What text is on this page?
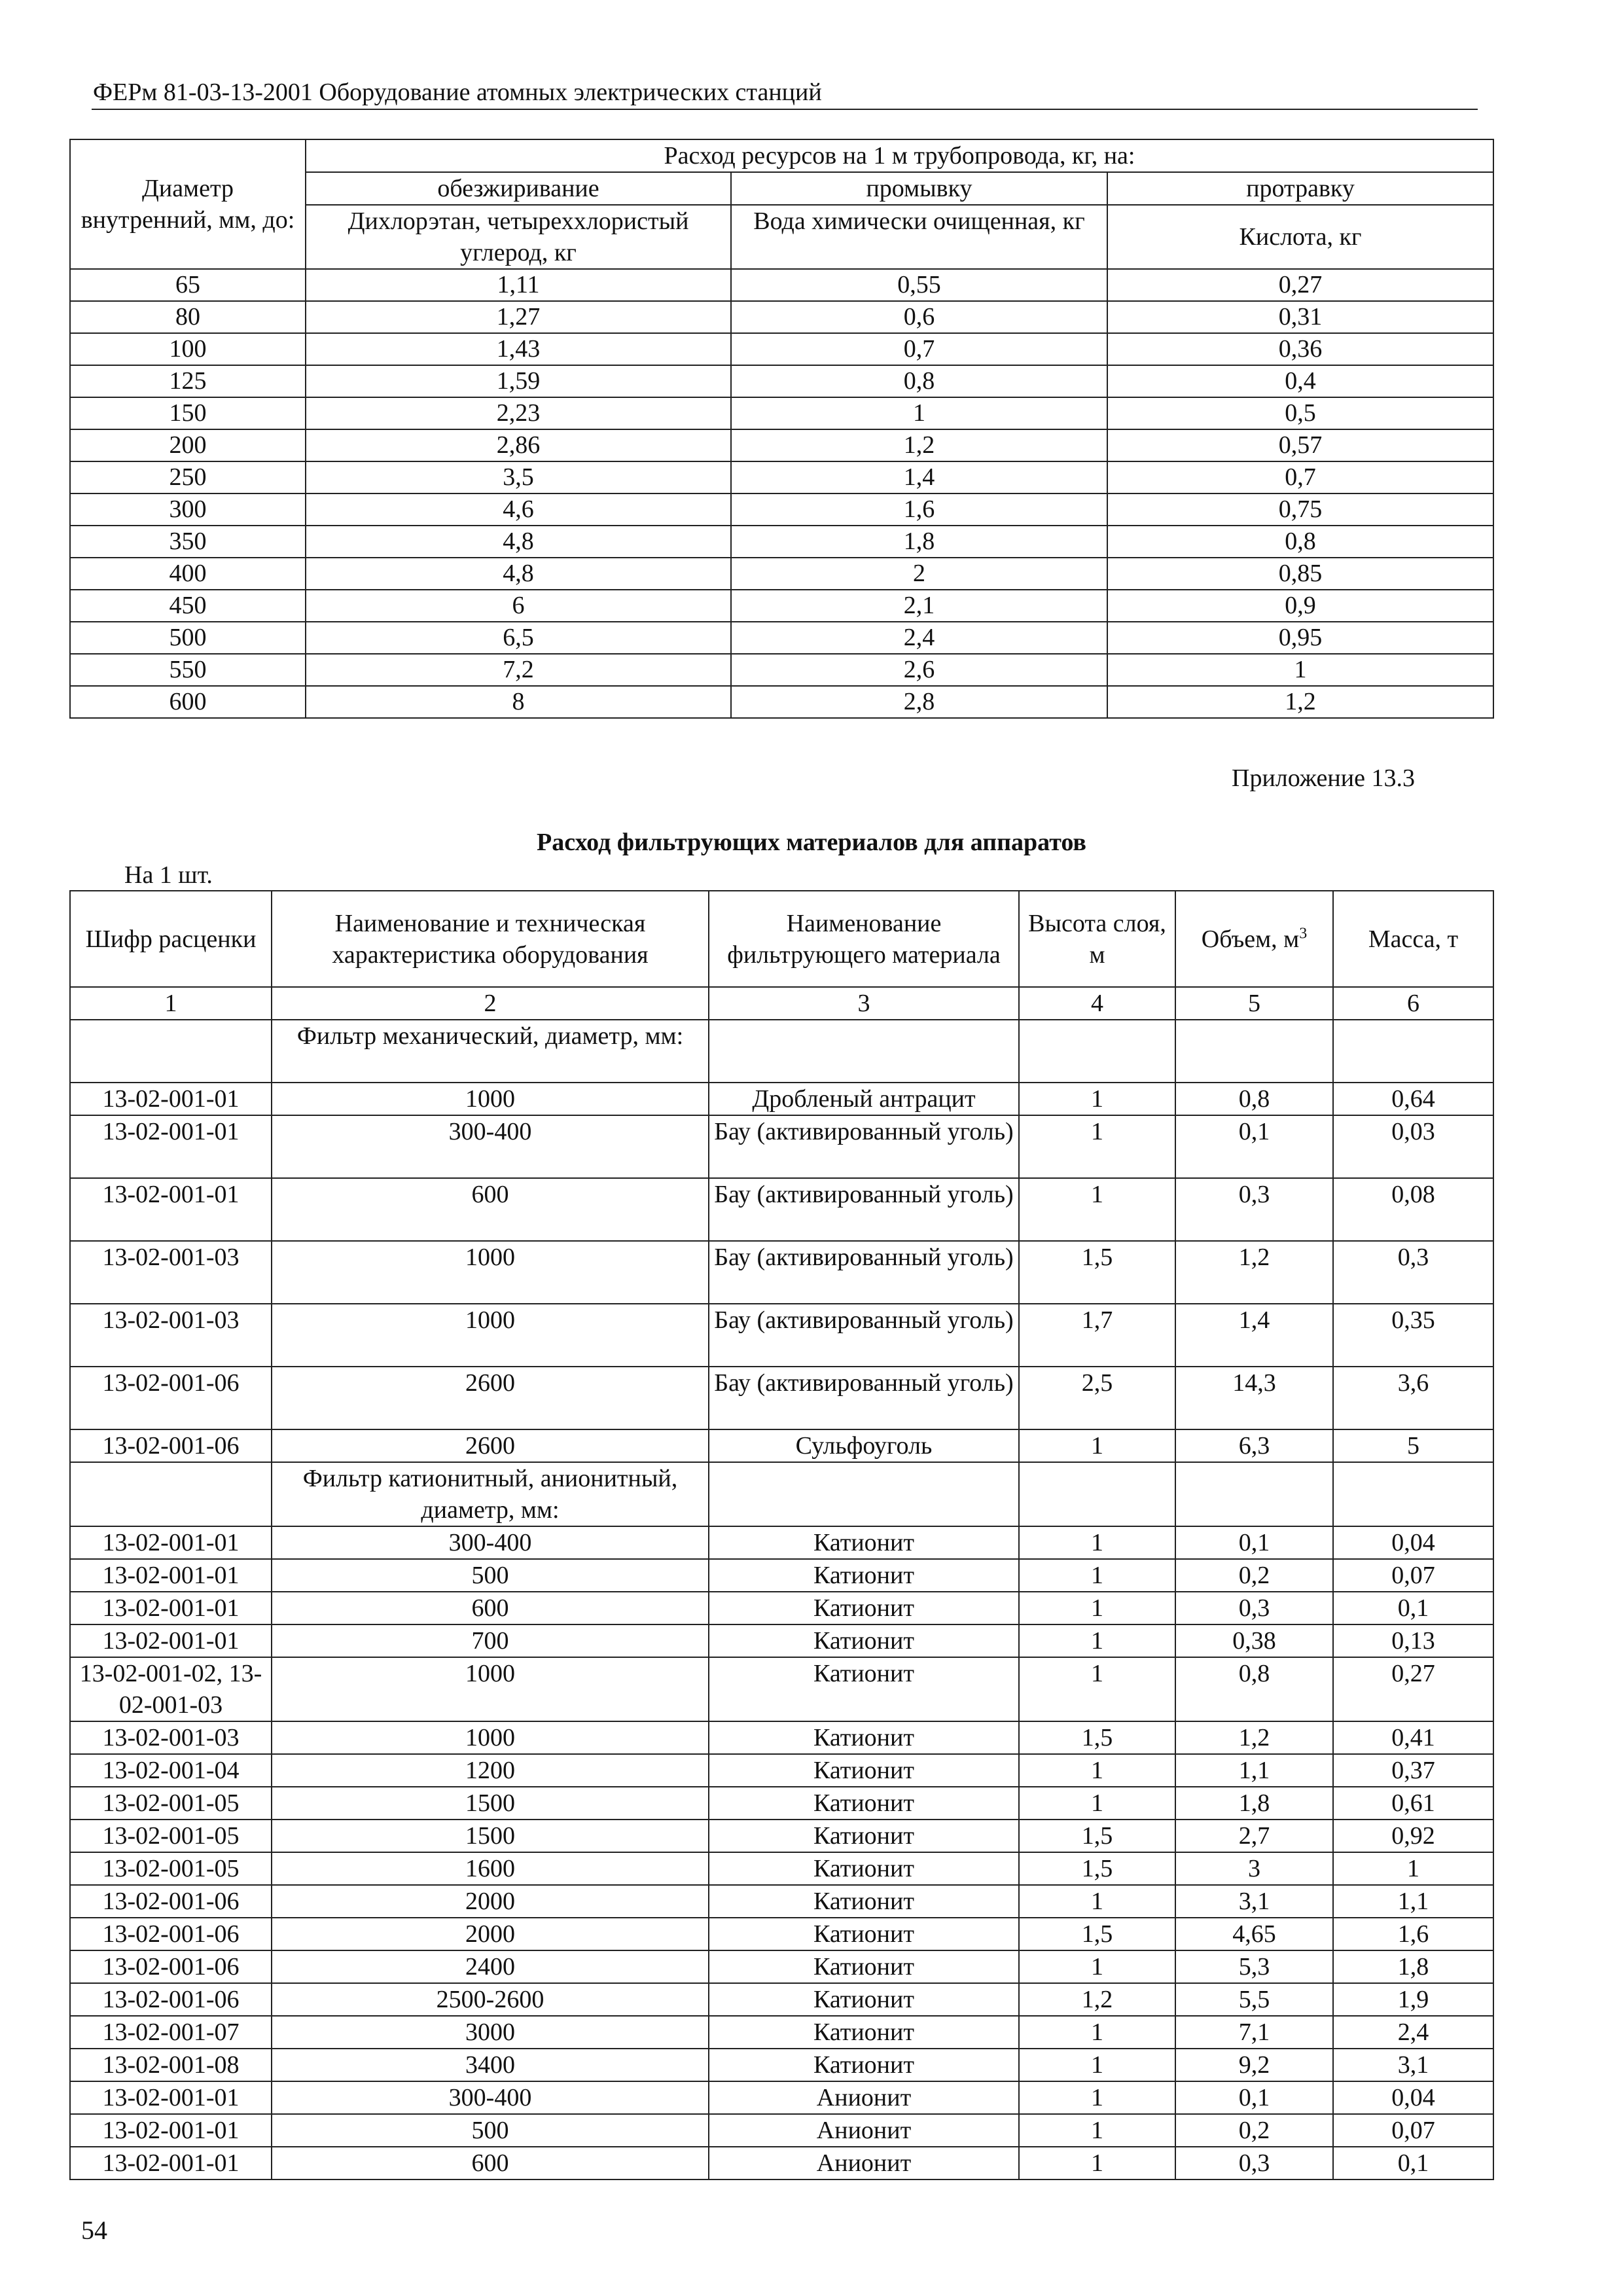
ФЕРм 81-03-13-2001 Оборудование атомных электрических станций
Диаметр внутренний, мм, до:	Расход ресурсов на 1 м трубопровода, кг, на:		
	обезжиривание	промывку	протравку
	Дихлорэтан, четыреххлористый углерод, кг	Вода химически очищенная, кг	Кислота, кг
65	1,11	0,55	0,27
80	1,27	0,6	0,31
100	1,43	0,7	0,36
125	1,59	0,8	0,4
150	2,23	1	0,5
200	2,86	1,2	0,57
250	3,5	1,4	0,7
300	4,6	1,6	0,75
350	4,8	1,8	0,8
400	4,8	2	0,85
450	6	2,1	0,9
500	6,5	2,4	0,95
550	7,2	2,6	1
600	8	2,8	1,2
Приложение 13.3
Расход фильтрующих материалов для аппаратов
На 1 шт.
Шифр расценки	Наименование и техническая характеристика оборудования	Наименование фильтрующего материала	Высота слоя, м	Объем, $м^3$	Масса, т
1	2	3	4	5	6
	Фильтр механический, диаметр, мм:				
13-02-001-01	1000	Дробленый антрацит	1	0,8	0,64
13-02-001-01	300-400	Бау (активированный уголь)	1	0,1	0,03
13-02-001-01	600	Бау (активированный уголь)	1	0,3	0,08
13-02-001-03	1000	Бау (активированный уголь)	1,5	1,2	0,3
13-02-001-03	1000	Бау (активированный уголь)	1,7	1,4	0,35
13-02-001-06	2600	Бау (активированный уголь)	2,5	14,3	3,6
13-02-001-06	2600	Сульфоуголь	1	6,3	5
	Фильтр катионитный, анионитный, диаметр, мм:				
13-02-001-01	300-400	Катионит	1	0,1	0,04
13-02-001-01	500	Катионит	1	0,2	0,07
13-02-001-01	600	Катионит	1	0,3	0,1
13-02-001-01	700	Катионит	1	0,38	0,13
13-02-001-02, 13-02-001-03	1000	Катионит	1	0,8	0,27
13-02-001-03	1000	Катионит	1,5	1,2	0,41
13-02-001-04	1200	Катионит	1	1,1	0,37
13-02-001-05	1500	Катионит	1	1,8	0,61
13-02-001-05	1500	Катионит	1,5	2,7	0,92
13-02-001-05	1600	Катионит	1,5	3	1
13-02-001-06	2000	Катионит	1	3,1	1,1
13-02-001-06	2000	Катионит	1,5	4,65	1,6
13-02-001-06	2400	Катионит	1	5,3	1,8
13-02-001-06	2500-2600	Катионит	1,2	5,5	1,9
13-02-001-07	3000	Катионит	1	7,1	2,4
13-02-001-08	3400	Катионит	1	9,2	3,1
13-02-001-01	300-400	Анионит	1	0,1	0,04
13-02-001-01	500	Анионит	1	0,2	0,07
13-02-001-01	600	Анионит	1	0,3	0,1
54
